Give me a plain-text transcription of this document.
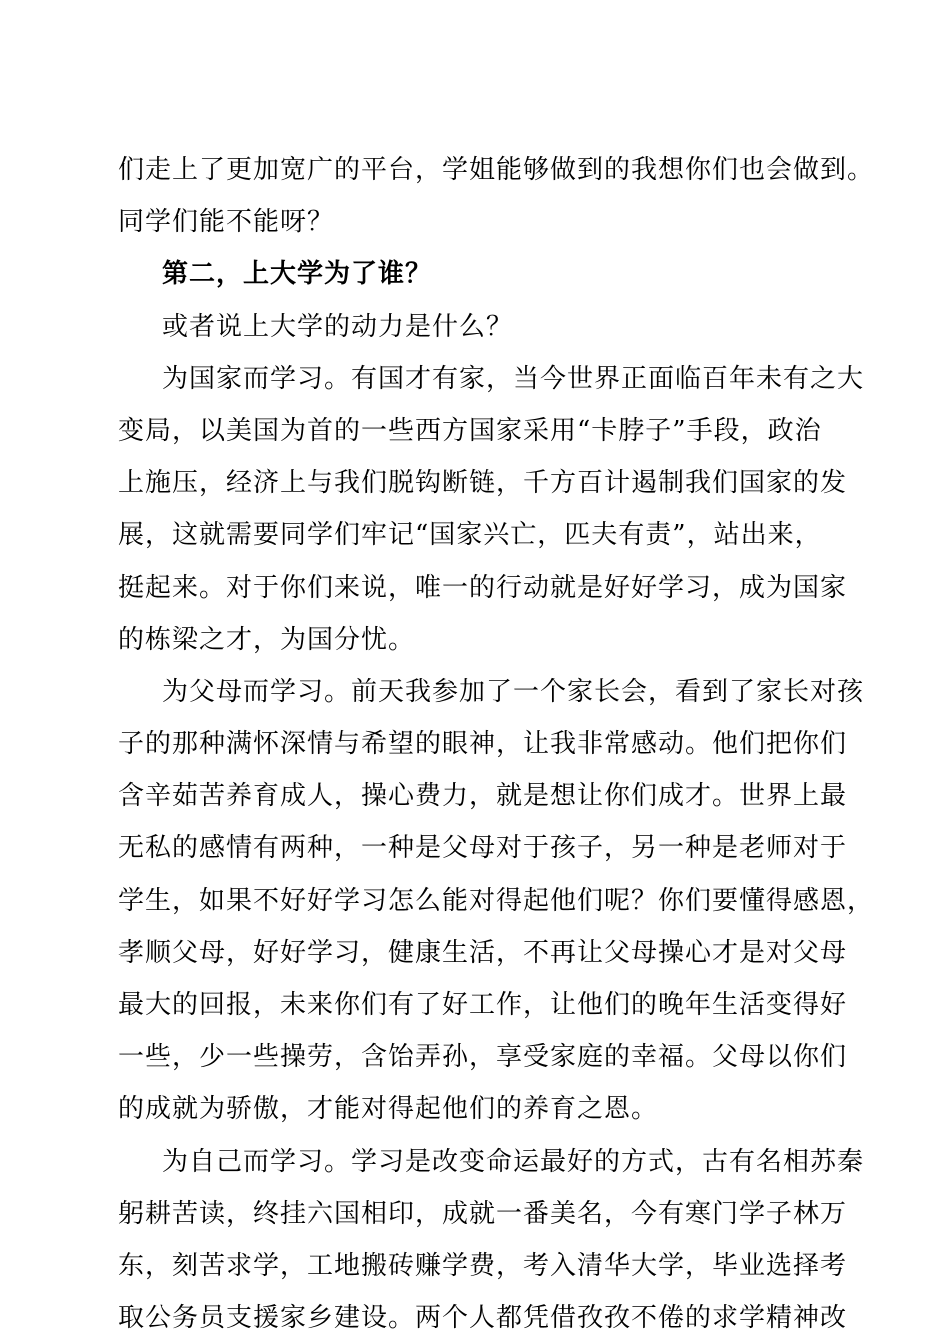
们走上了更加宽广的平台，学姐能够做到的我想你们也会做到。
同学们能不能呀？
第二，上大学为了谁？
或者说上大学的动力是什么？
为国家而学习。有国才有家，当今世界正面临百年未有之大
变局，以美国为首的一些西方国家采用“卡脖子”手段，政治
上施压，经济上与我们脱钩断链，千方百计遏制我们国家的发
展，这就需要同学们牢记“国家兴亡，匹夫有责”，站出来，
挺起来。对于你们来说，唯一的行动就是好好学习，成为国家
的栋梁之才，为国分忧。
为父母而学习。前天我参加了一个家长会，看到了家长对孩
子的那种满怀深情与希望的眼神，让我非常感动。他们把你们
含辛茹苦养育成人，操心费力，就是想让你们成才。世界上最
无私的感情有两种，一种是父母对于孩子，另一种是老师对于
学生，如果不好好学习怎么能对得起他们呢？你们要懂得感恩，
孝顺父母，好好学习，健康生活，不再让父母操心才是对父母
最大的回报，未来你们有了好工作，让他们的晚年生活变得好
一些，少一些操劳，含饴弄孙，享受家庭的幸福。父母以你们
的成就为骄傲，才能对得起他们的养育之恩。
为自己而学习。学习是改变命运最好的方式，古有名相苏秦
躬耕苦读，终挂六国相印，成就一番美名，今有寒门学子林万
东，刻苦求学，工地搬砖赚学费，考入清华大学，毕业选择考
取公务员支援家乡建设。两个人都凭借孜孜不倦的求学精神改
